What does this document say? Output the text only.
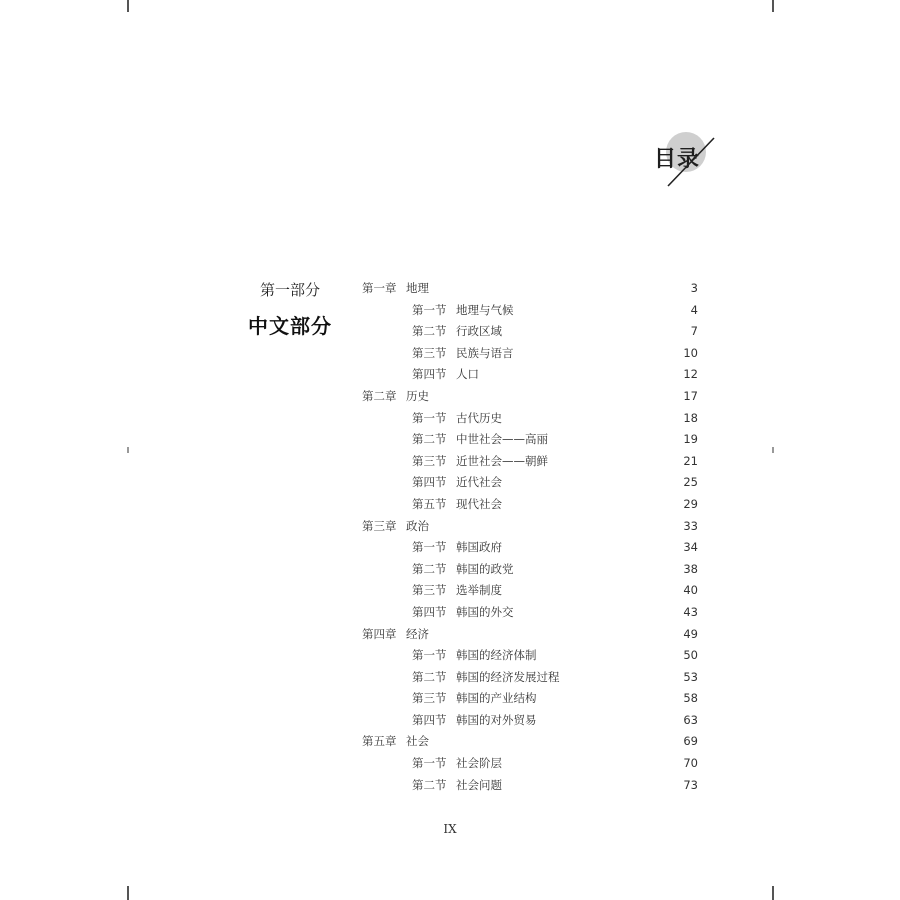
目录
第一部分
中文部分
第一章 地理	3
第一节 地理与气候	4
第二节 行政区域	7
第三节 民族与语言	10
第四节 人口	12
第二章 历史	17
第一节 古代历史	18
第二节 中世社会——高丽	19
第三节 近世社会——朝鲜	21
第四节 近代社会	25
第五节 现代社会	29
第三章 政治	33
第一节 韩国政府	34
第二节 韩国的政党	38
第三节 选举制度	40
第四节 韩国的外交	43
第四章 经济	49
第一节 韩国的经济体制	50
第二节 韩国的经济发展过程	53
第三节 韩国的产业结构	58
第四节 韩国的对外贸易	63
第五章 社会	69
第一节 社会阶层	70
第二节 社会问题	73
IX
